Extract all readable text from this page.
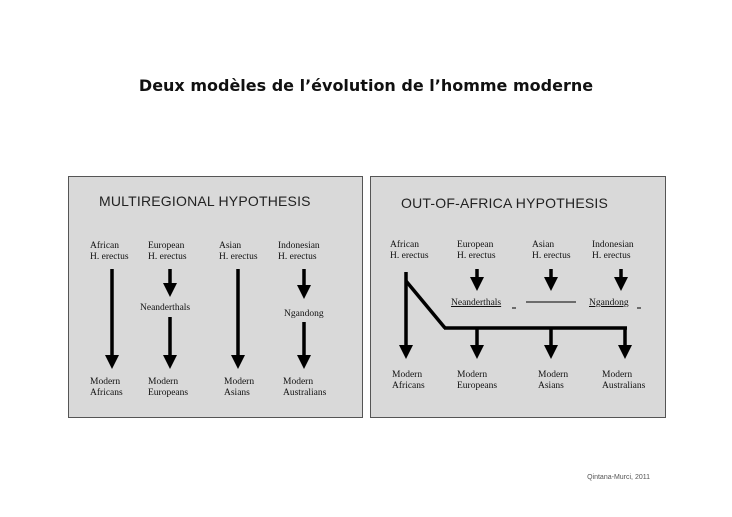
Deux modèles de l’évolution de l’homme moderne
MULTIREGIONAL HYPOTHESIS
African
H. erectus
European
H. erectus
Asian
H. erectus
Indonesian
H. erectus
Neanderthals
Ngandong
Modern
Africans
Modern
Europeans
Modern
Asians
Modern
Australians
OUT-OF-AFRICA HYPOTHESIS
African
H. erectus
European
H. erectus
Asian
H. erectus
Indonesian
H. erectus
Neanderthals	Ngandong
Modern
Africans
Modern
Europeans
Modern
Asians
Modern
Australians
Qintana-Murci, 2011
